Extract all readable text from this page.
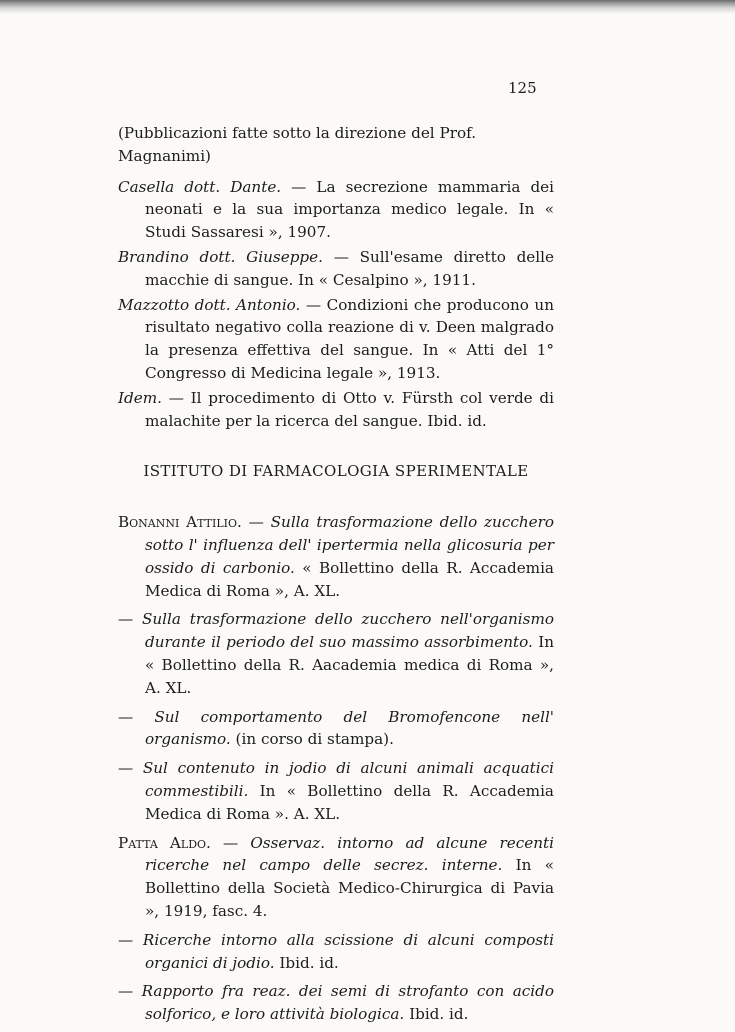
125

(Pubblicazioni fatte sotto la direzione del Prof. Magnanimi)

Casella dott. Dante. — La secrezione mammaria dei neonati e la sua importanza medico legale. In « Studi Sassaresi », 1907.

Brandino dott. Giuseppe. — Sull'esame diretto delle macchie di sangue. In « Cesalpino », 1911.

Mazzotto dott. Antonio. — Condizioni che producono un risultato negativo colla reazione di v. Deen malgrado la presenza effettiva del sangue. In « Atti del 1° Congresso di Medicina legale », 1913.

Idem. — Il procedimento di Otto v. Fürsth col verde di malachite per la ricerca del sangue. Ibid. id.

ISTITUTO DI FARMACOLOGIA SPERIMENTALE

Bonanni Attilio. — Sulla trasformazione dello zucchero sotto l' influenza dell' ipertermia nella glicosuria per ossido di carbonio. « Bollettino della R. Accademia Medica di Roma », A. XL.

— Sulla trasformazione dello zucchero nell'organismo durante il periodo del suo massimo assorbimento. In « Bollettino della R. Aacademia medica di Roma », A. XL.

— Sul comportamento del Bromofencone nell' organismo. (in corso di stampa).

— Sul contenuto in jodio di alcuni animali acquatici commestibili. In « Bollettino della R. Accademia Medica di Roma ». A. XL.

Patta Aldo. — Osservaz. intorno ad alcune recenti ricerche nel campo delle secrez. interne. In « Bollettino della Società Medico-Chirurgica di Pavia », 1919, fasc. 4.

— Ricerche intorno alla scissione di alcuni composti organici di jodio. Ibid. id.

— Rapporto fra reaz. dei semi di strofanto con acido solforico, e loro attività biologica. Ibid. id.
